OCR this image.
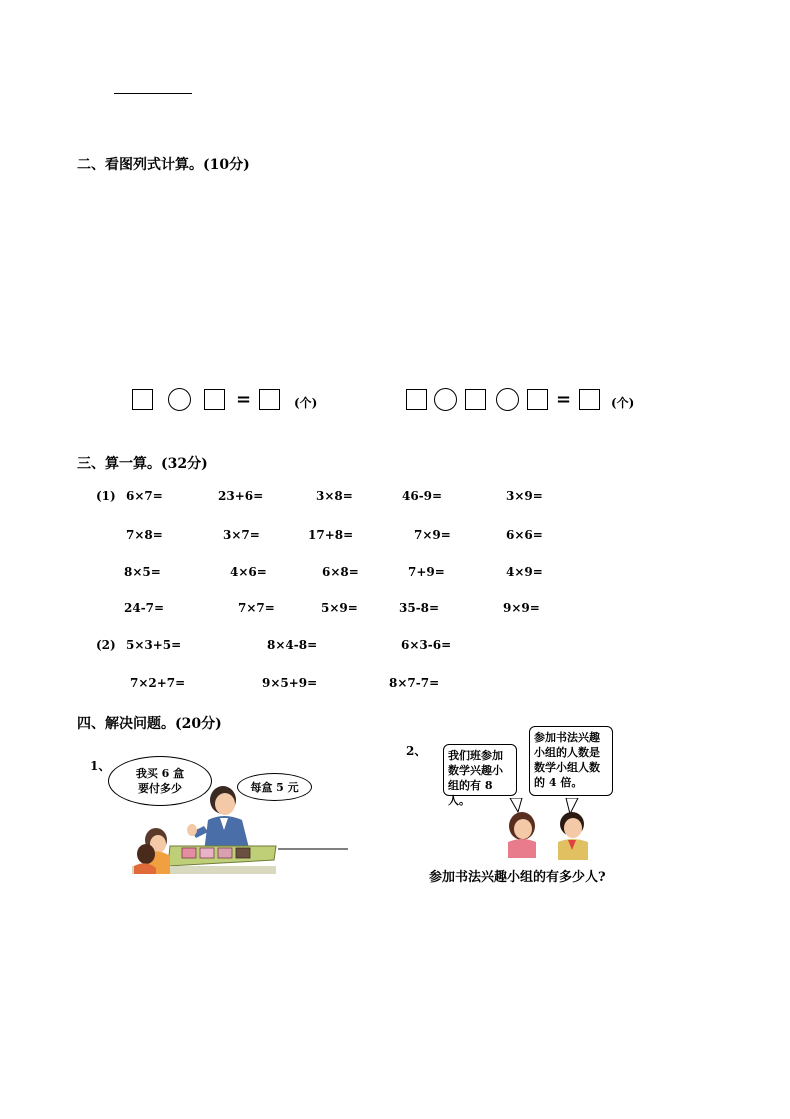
二、看图列式计算。(10分)
=	(个)	=	(个)
三、算一算。(32分)
(1) 6×7=	23+6=	3×8=	46-9=	3×9=
7×8=	3×7=	17+8=	7×9=	6×6=
8×5=	4×6=	6×8=	7+9=	4×9=
24-7=	7×7=	5×9=	35-8=	9×9=
(2) 5×3+5=	8×4-8=	6×3-6=
7×2+7=	9×5+9=	8×7-7=
四、解决问题。(20分)
1、
我买 6 盒
要付多少	每盒 5 元
2、	我们班参加数学兴趣小组的有 8 人。
参加书法兴趣小组的人数是数学小组人数的 4 倍。
参加书法兴趣小组的有多少人?
